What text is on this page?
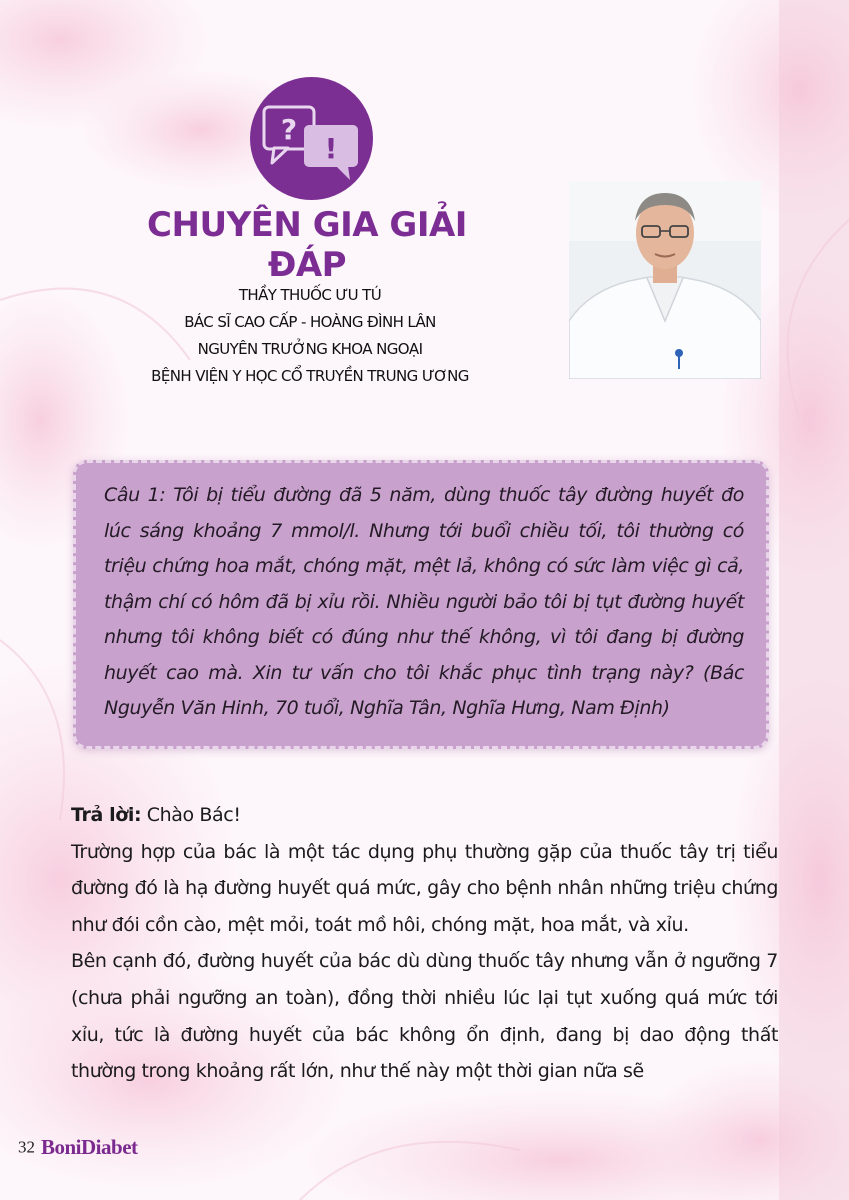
?
!
CHUYÊN GIA GIẢI ĐÁP
THẦY THUỐC ƯU TÚ
BÁC SĨ CAO CẤP - HOÀNG ĐÌNH LÂN
NGUYÊN TRƯỞNG KHOA NGOẠI
BỆNH VIỆN Y HỌC CỔ TRUYỀN TRUNG ƯƠNG
Câu 1: Tôi bị tiểu đường đã 5 năm, dùng thuốc tây đường huyết đo lúc sáng khoảng 7 mmol/l. Nhưng tới buổi chiều tối, tôi thường có triệu chứng hoa mắt, chóng mặt, mệt lả, không có sức làm việc gì cả, thậm chí có hôm đã bị xỉu rồi. Nhiều người bảo tôi bị tụt đường huyết nhưng tôi không biết có đúng như thế không, vì tôi đang bị đường huyết cao mà. Xin tư vấn cho tôi khắc phục tình trạng này? (Bác Nguyễn Văn Hinh, 70 tuổi, Nghĩa Tân, Nghĩa Hưng, Nam Định)

Trả lời: Chào Bác!

Trường hợp của bác là một tác dụng phụ thường gặp của thuốc tây trị tiểu đường đó là hạ đường huyết quá mức, gây cho bệnh nhân những triệu chứng như đói cồn cào, mệt mỏi, toát mồ hôi, chóng mặt, hoa mắt, và xỉu.

Bên cạnh đó, đường huyết của bác dù dùng thuốc tây nhưng vẫn ở ngưỡng 7 (chưa phải ngưỡng an toàn), đồng thời nhiều lúc lại tụt xuống quá mức tới xỉu, tức là đường huyết của bác không ổn định, đang bị dao động thất thường trong khoảng rất lớn, như thế này một thời gian nữa sẽ

32 BoniDiabet
